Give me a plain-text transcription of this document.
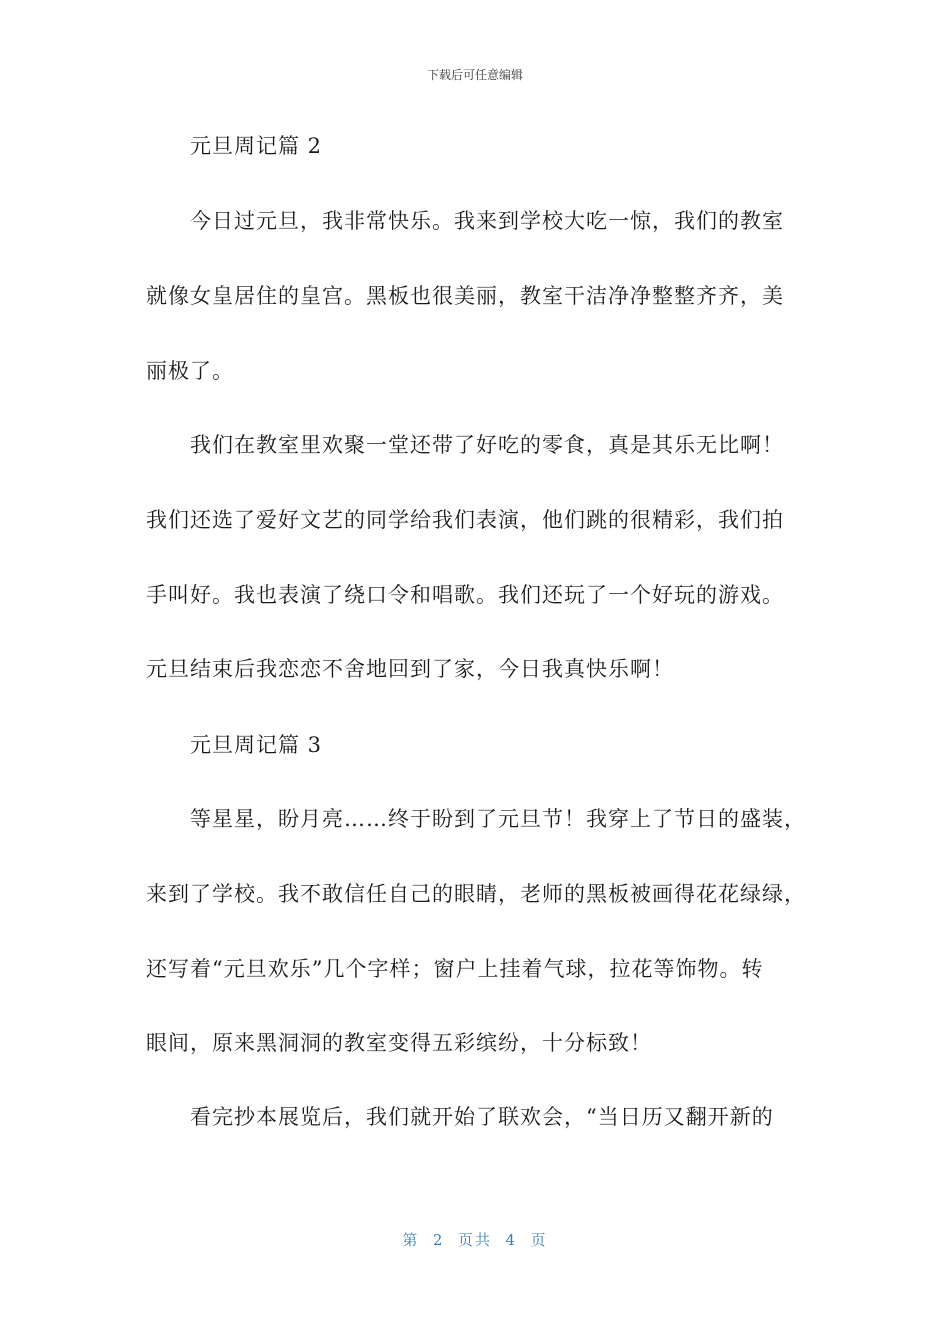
下载后可任意编辑
元旦周记篇 2
今日过元旦，我非常快乐。我来到学校大吃一惊，我们的教室
就像女皇居住的皇宫。黑板也很美丽，教室干洁净净整整齐齐，美
丽极了。
我们在教室里欢聚一堂还带了好吃的零食，真是其乐无比啊！
我们还选了爱好文艺的同学给我们表演，他们跳的很精彩，我们拍
手叫好。我也表演了绕口令和唱歌。我们还玩了一个好玩的游戏。
元旦结束后我恋恋不舍地回到了家，今日我真快乐啊！
元旦周记篇 3
等星星，盼月亮……终于盼到了元旦节！我穿上了节日的盛装，
来到了学校。我不敢信任自己的眼睛，老师的黑板被画得花花绿绿，
还写着“元旦欢乐”几个字样；窗户上挂着气球，拉花等饰物。转
眼间，原来黑洞洞的教室变得五彩缤纷，十分标致！
看完抄本展览后，我们就开始了联欢会，“当日历又翻开新的
第  2  页共  4  页
